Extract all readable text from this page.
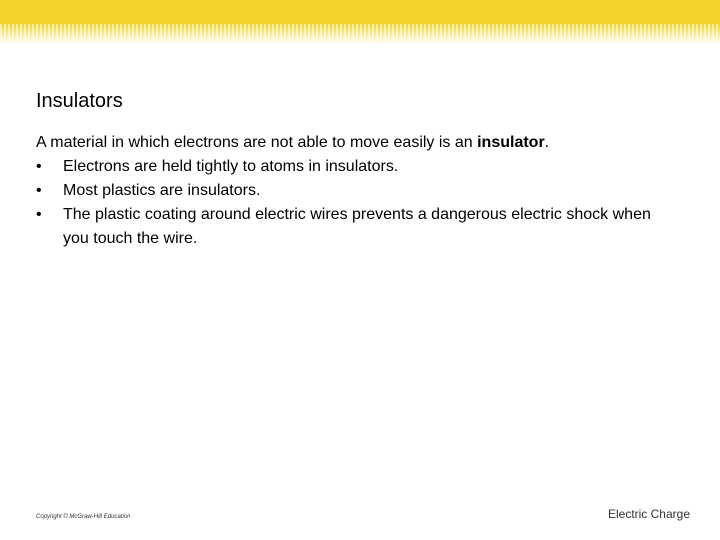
Insulators

A material in which electrons are not able to move easily is an insulator.

•	Electrons are held tightly to atoms in insulators.
•	Most plastics are insulators.
•	The plastic coating around electric wires prevents a dangerous electric shock when you touch the wire.
Copyright © McGraw-Hill Education	Electric Charge
